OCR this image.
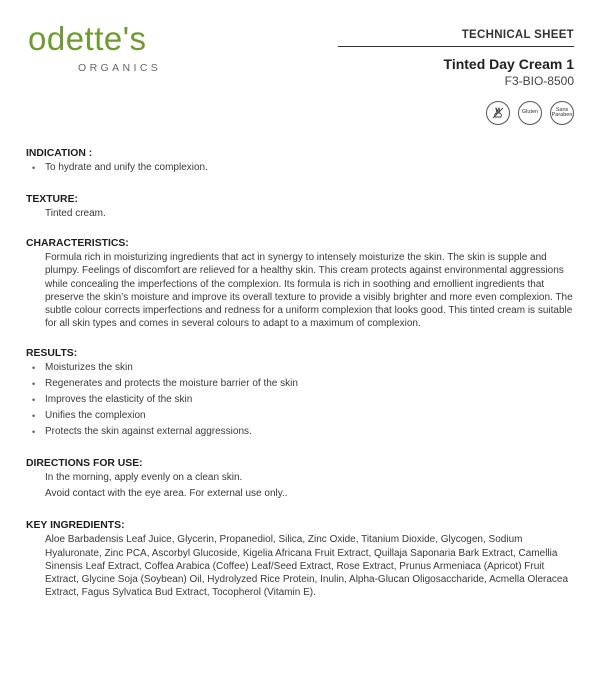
odette's
ORGANICS
TECHNICAL SHEET
Tinted Day Cream 1
F3-BIO-8500
Gluten	Sans Paraben
INDICATION :
• To hydrate and unify the complexion.
TEXTURE:
Tinted cream.
CHARACTERISTICS:
Formula rich in moisturizing ingredients that act in synergy to intensely moisturize the skin. The skin is supple and plumpy. Feelings of discomfort are relieved for a healthy skin. This cream protects against environmental aggressions while concealing the imperfections of the complexion. Its formula is rich in soothing and emollient ingredients that preserve the skin’s moisture and improve its overall texture to provide a visibly brighter and more even complexion. The subtle colour corrects imperfections and redness for a uniform complexion that looks good. This tinted cream is suitable for all skin types and comes in several colours to adapt to a maximum of complexion.
RESULTS:
• Moisturizes the skin
• Regenerates and protects the moisture barrier of the skin
• Improves the elasticity of the skin
• Unifies the complexion
• Protects the skin against external aggressions.
DIRECTIONS FOR USE:
In the morning, apply evenly on a clean skin.
Avoid contact with the eye area. For external use only..
KEY INGREDIENTS:
Aloe Barbadensis Leaf Juice, Glycerin, Propanediol, Silica, Zinc Oxide, Titanium Dioxide, Glycogen, Sodium Hyaluronate, Zinc PCA, Ascorbyl Glucoside, Kigelia Africana Fruit Extract, Quillaja Saponaria Bark Extract, Camellia Sinensis Leaf Extract, Coffea Arabica (Coffee) Leaf/Seed Extract, Rose Extract, Prunus Armeniaca (Apricot) Fruit Extract, Glycine Soja (Soybean) Oil, Hydrolyzed Rice Protein, Inulin, Alpha-Glucan Oligosaccharide, Acmella Oleracea Extract, Fagus Sylvatica Bud Extract, Tocopherol (Vitamin E).
